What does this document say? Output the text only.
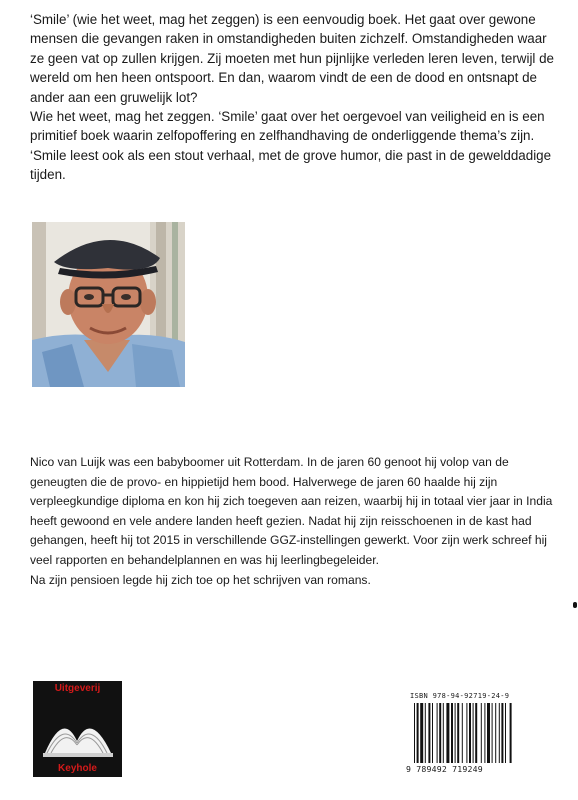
‘Smile’ (wie het weet, mag het zeggen) is een eenvoudig boek. Het gaat over gewone mensen die gevangen raken in omstandigheden buiten zichzelf. Omstandigheden waar ze geen vat op zullen krijgen. Zij moeten met hun pijnlijke verleden leren leven, terwijl de wereld om hen heen ontspoort. En dan, waarom vindt de een de dood en ontsnapt de ander aan een gruwelijk lot?

Wie het weet, mag het zeggen. ‘Smile’ gaat over het oergevoel van veiligheid en is een primitief boek waarin zelfopoffering en zelfhandhaving de onderliggende thema’s zijn.

‘Smile leest ook als een stout verhaal, met de grove humor, die past in de gewelddadige tijden.

Nico van Luijk was een babyboomer uit Rotterdam. In de jaren 60 genoot hij volop van de geneugten die de provo- en hippietijd hem bood. Halverwege de jaren 60 haalde hij zijn verpleegkundige diploma en kon hij zich toegeven aan reizen, waarbij hij in totaal vier jaar in India heeft gewoond en vele andere landen heeft gezien. Nadat hij zijn reisschoenen in de kast had gehangen, heeft hij tot 2015 in verschillende GGZ-instellingen gewerkt. Voor zijn werk schreef hij veel rapporten en behandelplannen en was hij leerlingbegeleider.

Na zijn pensioen legde hij zich toe op het schrijven van romans.

Uitgeverij
Keyhole
ISBN 978-94-92719-24-9
9 789492 719249
